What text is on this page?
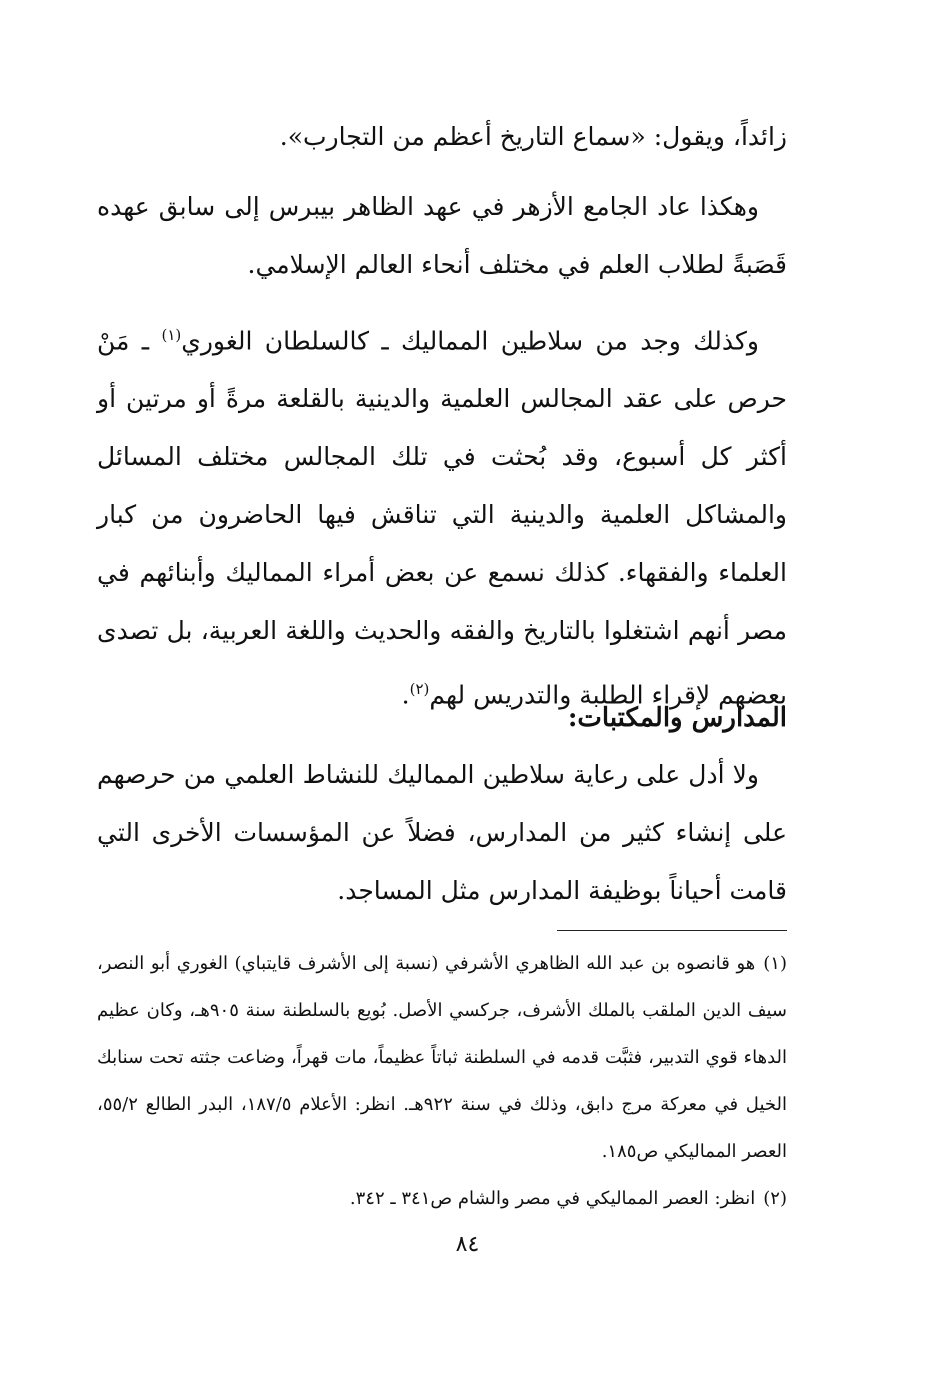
زائداً، ويقول: «سماع التاريخ أعظم من التجارب».

وهكذا عاد الجامع الأزهر في عهد الظاهر بيبرس إلى سابق عهده قَصَبةً لطلاب العلم في مختلف أنحاء العالم الإسلامي.

وكذلك وجد من سلاطين المماليك ـ كالسلطان الغوري$^{(١)}$ ـ مَنْ حرص على عقد المجالس العلمية والدينية بالقلعة مرةً أو مرتين أو أكثر كل أسبوع، وقد بُحثت في تلك المجالس مختلف المسائل والمشاكل العلمية والدينية التي تناقش فيها الحاضرون من كبار العلماء والفقهاء. كذلك نسمع عن بعض أمراء المماليك وأبنائهم في مصر أنهم اشتغلوا بالتاريخ والفقه والحديث واللغة العربية، بل تصدى بعضهم لإقراء الطلبة والتدريس لهم$^{(٢)}$.

المدارس والمكتبات:

ولا أدل على رعاية سلاطين المماليك للنشاط العلمي من حرصهم على إنشاء كثير من المدارس، فضلاً عن المؤسسات الأخرى التي قامت أحياناً بوظيفة المدارس مثل المساجد.

(١)هو قانصوه بن عبد الله الظاهري الأشرفي (نسبة إلى الأشرف قايتباي) الغوري أبو النصر، سيف الدين الملقب بالملك الأشرف، جركسي الأصل. بُويع بالسلطنة سنة ٩٠٥هـ، وكان عظيم الدهاء قوي التدبير، فثبَّت قدمه في السلطنة ثباتاً عظيماً، مات قهراً، وضاعت جثته تحت سنابك الخيل في معركة مرج دابق، وذلك في سنة ٩٢٢هـ. انظر: الأعلام ١٨٧/٥، البدر الطالع ٥٥/٢، العصر المماليكي ص١٨٥.

(٢)انظر: العصر المماليكي في مصر والشام ص٣٤١ ـ ٣٤٢.

٨٤
